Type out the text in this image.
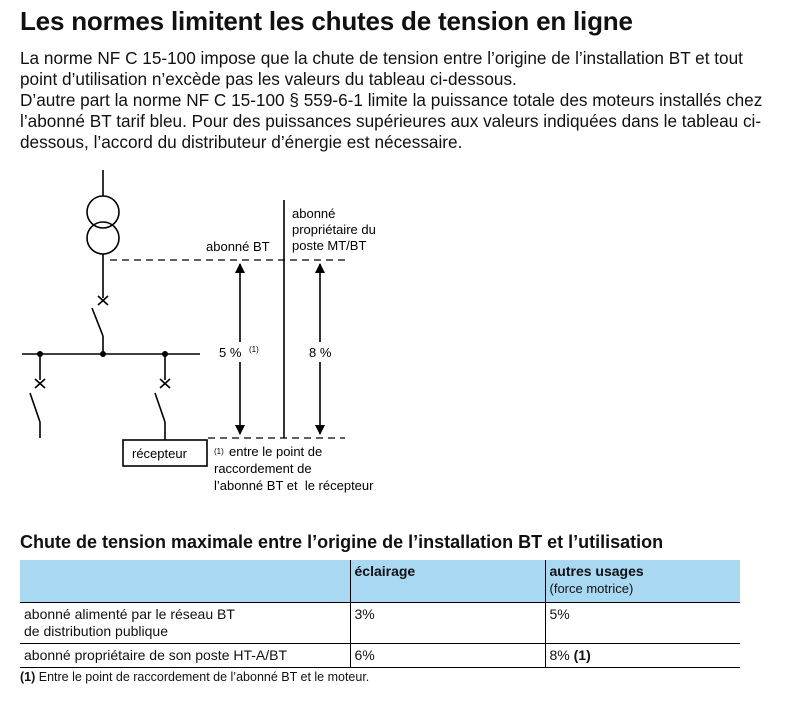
Les normes limitent les chutes de tension en ligne

La norme NF C 15-100 impose que la chute de tension entre l’origine de l’installation BT et tout point d’utilisation n’excède pas les valeurs du tableau ci-dessous.

D’autre part la norme NF C 15-100 § 559-6-1 limite la puissance totale des moteurs installés chez l’abonné BT tarif bleu. Pour des puissances supérieures aux valeurs indiquées dans le tableau ci-dessous, l’accord du distributeur d’énergie est nécessaire.

abonné BT
abonné
propriétaire du
poste MT/BT
5 % (1)	8 %
récepteur	(1) entre le point de
raccordement de
l’abonné BT et  le récepteur
Chute de tension maximale entre l’origine de l’installation BT et l’utilisation
	éclairage	autres usages
(force motrice)

abonné alimenté par le réseau BT
de distribution publique	3%	5%
abonné propriétaire de son poste HT-A/BT	6%	8% (1)
(1) Entre le point de raccordement de l’abonné BT et le moteur.
